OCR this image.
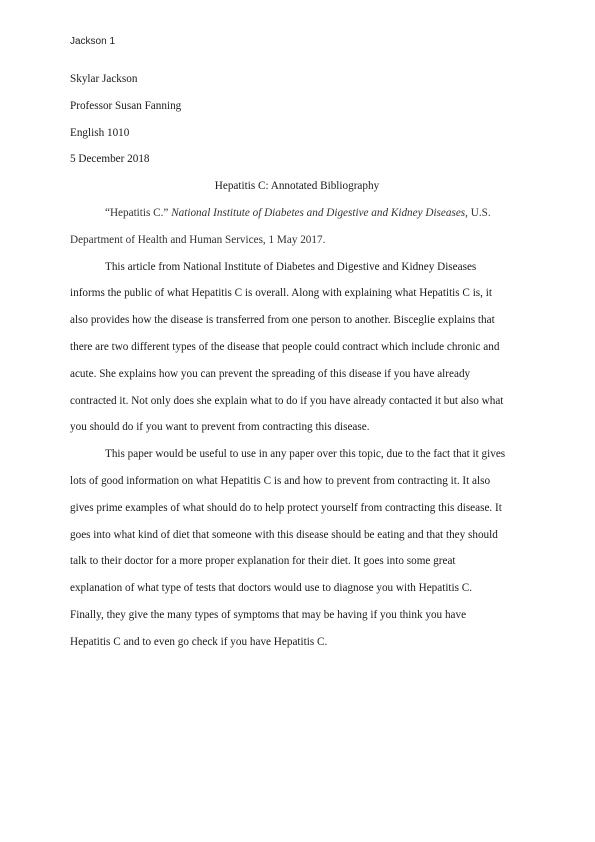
Jackson 1

Skylar Jackson

Professor Susan Fanning

English 1010

5 December 2018

Hepatitis C: Annotated Bibliography

“Hepatitis C.” National Institute of Diabetes and Digestive and Kidney Diseases, U.S.

Department of Health and Human Services, 1 May 2017.

This article from National Institute of Diabetes and Digestive and Kidney Diseases

informs the public of what Hepatitis C is overall. Along with explaining what Hepatitis C is, it

also provides how the disease is transferred from one person to another. Bisceglie explains that

there are two different types of the disease that people could contract which include chronic and

acute. She explains how you can prevent the spreading of this disease if you have already

contracted it. Not only does she explain what to do if you have already contacted it but also what

you should do if you want to prevent from contracting this disease.

This paper would be useful to use in any paper over this topic, due to the fact that it gives

lots of good information on what Hepatitis C is and how to prevent from contracting it. It also

gives prime examples of what should do to help protect yourself from contracting this disease. It

goes into what kind of diet that someone with this disease should be eating and that they should

talk to their doctor for a more proper explanation for their diet. It goes into some great

explanation of what type of tests that doctors would use to diagnose you with Hepatitis C.

Finally, they give the many types of symptoms that may be having if you think you have

Hepatitis C and to even go check if you have Hepatitis C.
